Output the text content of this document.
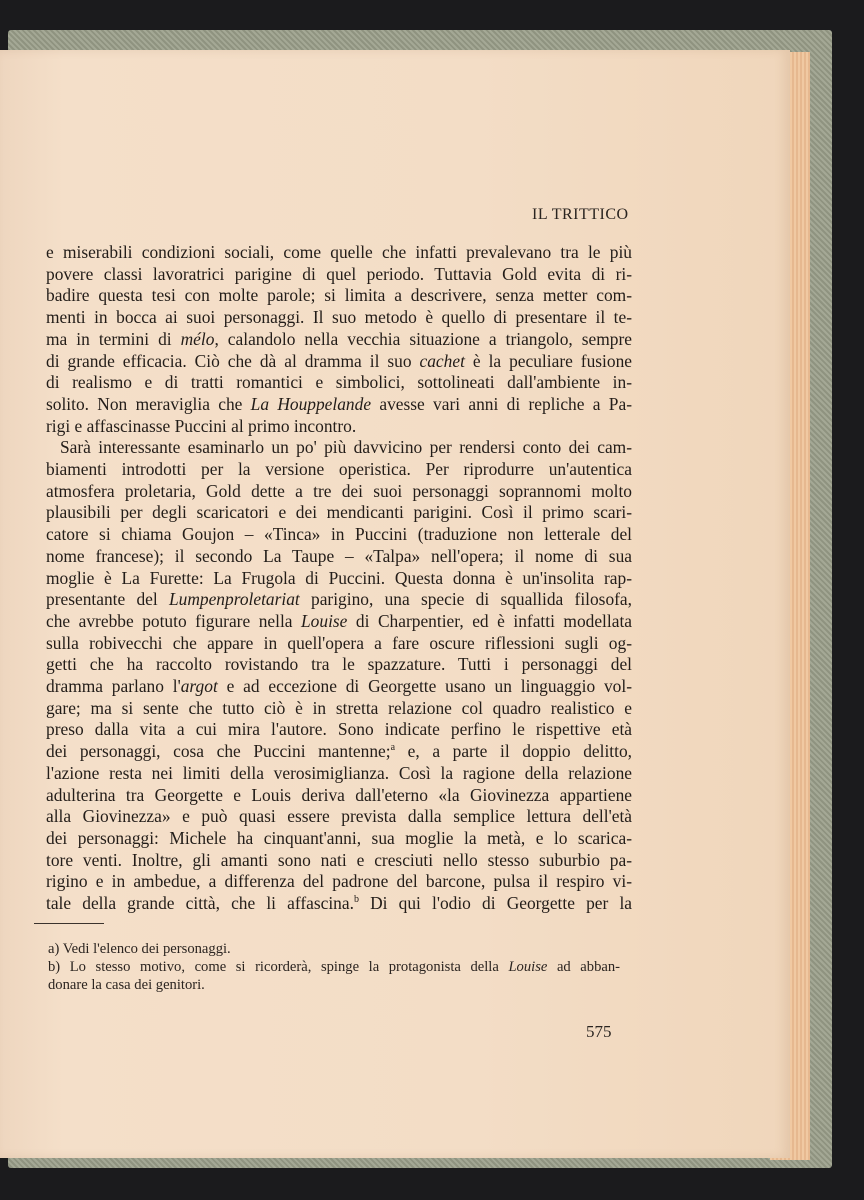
IL TRITTICO
e miserabili condizioni sociali, come quelle che infatti prevalevano tra le più
povere classi lavoratrici parigine di quel periodo. Tuttavia Gold evita di ri-
badire questa tesi con molte parole; si limita a descrivere, senza metter com-
menti in bocca ai suoi personaggi. Il suo metodo è quello di presentare il te-
ma in termini di mélo, calandolo nella vecchia situazione a triangolo, sempre
di grande efficacia. Ciò che dà al dramma il suo cachet è la peculiare fusione
di realismo e di tratti romantici e simbolici, sottolineati dall'ambiente in-
solito. Non meraviglia che La Houppelande avesse vari anni di repliche a Pa-
rigi e affascinasse Puccini al primo incontro.
Sarà interessante esaminarlo un po' più davvicino per rendersi conto dei cam-
biamenti introdotti per la versione operistica. Per riprodurre un'autentica
atmosfera proletaria, Gold dette a tre dei suoi personaggi soprannomi molto
plausibili per degli scaricatori e dei mendicanti parigini. Così il primo scari-
catore si chiama Goujon – «Tinca» in Puccini (traduzione non letterale del
nome francese); il secondo La Taupe – «Talpa» nell'opera; il nome di sua
moglie è La Furette: La Frugola di Puccini. Questa donna è un'insolita rap-
presentante del Lumpenproletariat parigino, una specie di squallida filosofa,
che avrebbe potuto figurare nella Louise di Charpentier, ed è infatti modellata
sulla robivecchi che appare in quell'opera a fare oscure riflessioni sugli og-
getti che ha raccolto rovistando tra le spazzature. Tutti i personaggi del
dramma parlano l'argot e ad eccezione di Georgette usano un linguaggio vol-
gare; ma si sente che tutto ciò è in stretta relazione col quadro realistico e
preso dalla vita a cui mira l'autore. Sono indicate perfino le rispettive età
dei personaggi, cosa che Puccini mantenne;$^a$ e, a parte il doppio delitto,
l'azione resta nei limiti della verosimiglianza. Così la ragione della relazione
adulterina tra Georgette e Louis deriva dall'eterno «la Giovinezza appartiene
alla Giovinezza» e può quasi essere prevista dalla semplice lettura dell'età
dei personaggi: Michele ha cinquant'anni, sua moglie la metà, e lo scarica-
tore venti. Inoltre, gli amanti sono nati e cresciuti nello stesso suburbio pa-
rigino e in ambedue, a differenza del padrone del barcone, pulsa il respiro vi-
tale della grande città, che li affascina.$^b$ Di qui l'odio di Georgette per la
a) Vedi l'elenco dei personaggi.
b) Lo stesso motivo, come si ricorderà, spinge la protagonista della Louise ad abban-
donare la casa dei genitori.
575
